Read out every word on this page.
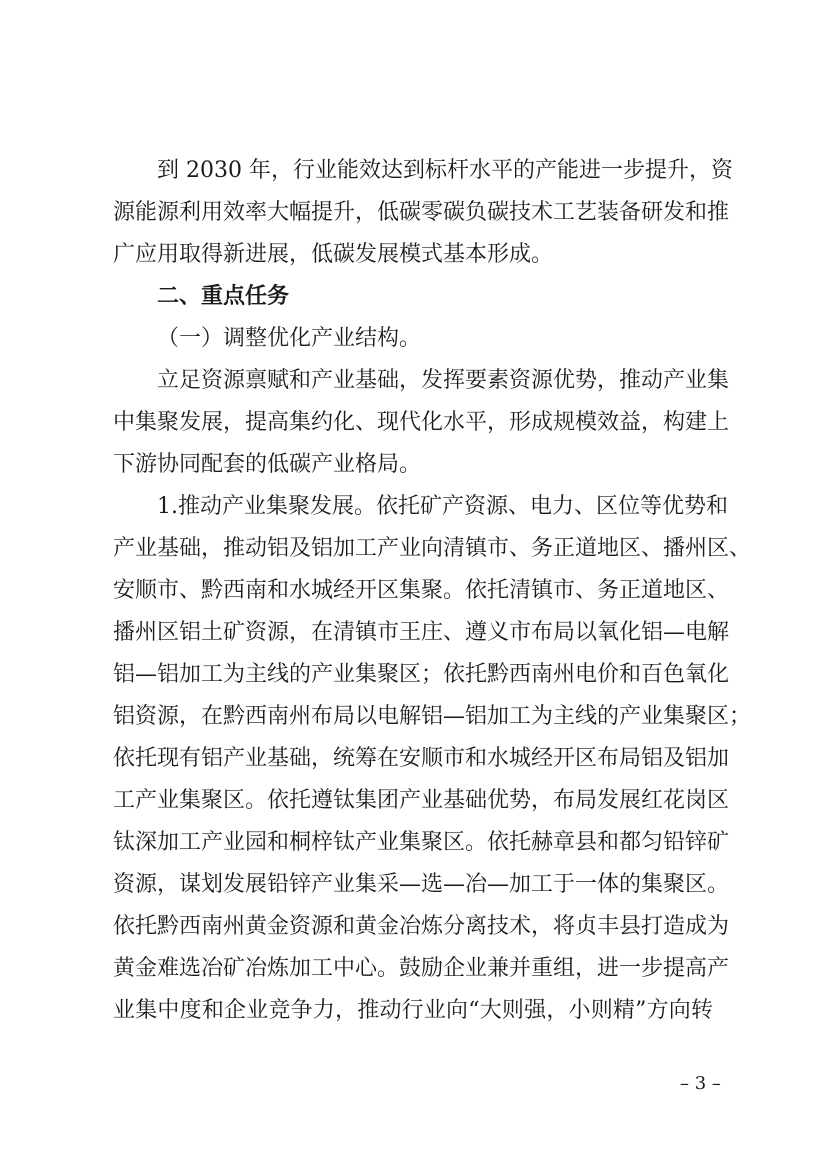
到 2030 年，行业能效达到标杆水平的产能进一步提升，资
源能源利用效率大幅提升，低碳零碳负碳技术工艺装备研发和推
广应用取得新进展，低碳发展模式基本形成。
二、重点任务
（一）调整优化产业结构。
立足资源禀赋和产业基础，发挥要素资源优势，推动产业集
中集聚发展，提高集约化、现代化水平，形成规模效益，构建上
下游协同配套的低碳产业格局。
1.推动产业集聚发展。依托矿产资源、电力、区位等优势和
产业基础，推动铝及铝加工产业向清镇市、务正道地区、播州区、
安顺市、黔西南和水城经开区集聚。依托清镇市、务正道地区、
播州区铝土矿资源，在清镇市王庄、遵义市布局以氧化铝—电解
铝—铝加工为主线的产业集聚区；依托黔西南州电价和百色氧化
铝资源，在黔西南州布局以电解铝—铝加工为主线的产业集聚区；
依托现有铝产业基础，统筹在安顺市和水城经开区布局铝及铝加
工产业集聚区。依托遵钛集团产业基础优势，布局发展红花岗区
钛深加工产业园和桐梓钛产业集聚区。依托赫章县和都匀铅锌矿
资源，谋划发展铅锌产业集采—选—冶—加工于一体的集聚区。
依托黔西南州黄金资源和黄金冶炼分离技术，将贞丰县打造成为
黄金难选冶矿冶炼加工中心。鼓励企业兼并重组，进一步提高产
业集中度和企业竞争力，推动行业向“大则强，小则精”方向转
– 3 –
